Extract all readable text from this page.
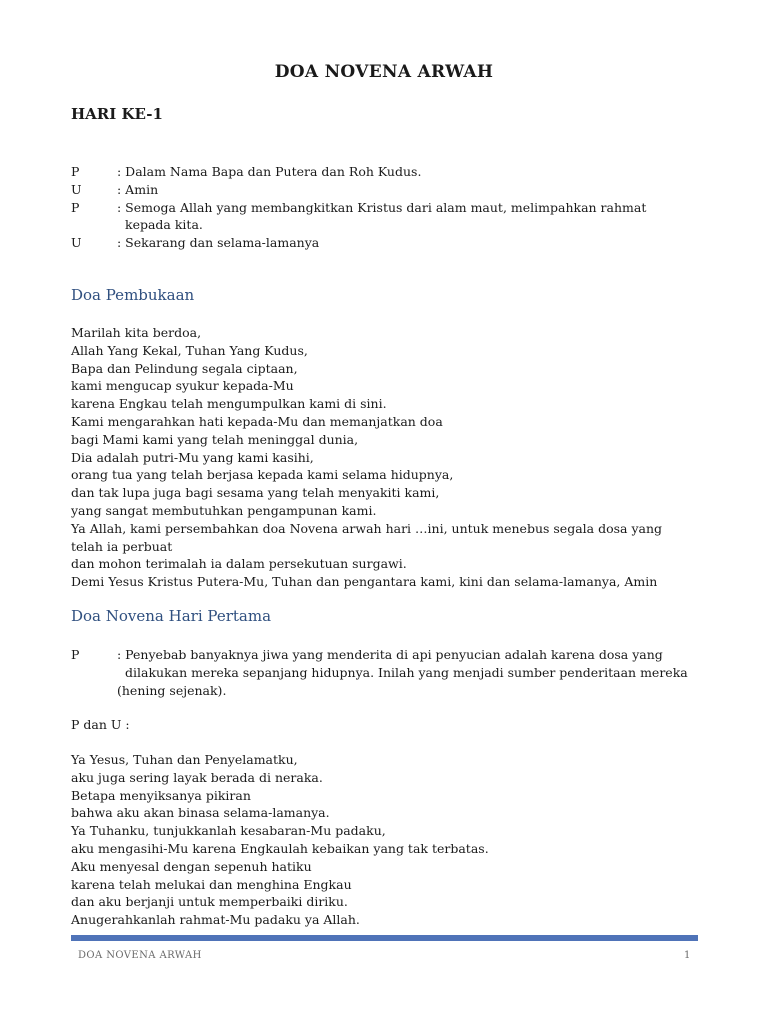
DOA NOVENA ARWAH
HARI KE-1
P	: Dalam Nama Bapa dan Putera dan Roh Kudus.
U	: Amin
P	: Semoga Allah yang membangkitkan Kristus dari alam maut, melimpahkan rahmat
kepada kita.
U	: Sekarang dan selama-lamanya
Doa Pembukaan
Marilah kita berdoa,
Allah Yang Kekal, Tuhan Yang Kudus,
Bapa dan Pelindung segala ciptaan,
kami mengucap syukur kepada-Mu
karena Engkau telah mengumpulkan kami di sini.
Kami mengarahkan hati kepada-Mu dan memanjatkan doa
bagi Mami kami yang telah meninggal dunia,
Dia adalah putri-Mu yang kami kasihi,
orang tua yang telah berjasa kepada kami selama hidupnya,
dan tak lupa juga bagi sesama yang telah menyakiti kami,
yang sangat membutuhkan pengampunan kami.
Ya Allah, kami persembahkan doa Novena arwah hari …ini, untuk menebus segala dosa yang
telah ia perbuat
dan mohon terimalah ia dalam persekutuan surgawi.
Demi Yesus Kristus Putera-Mu, Tuhan dan pengantara kami, kini dan selama-lamanya, Amin
Doa Novena Hari Pertama
P	: Penyebab banyaknya jiwa yang menderita di api penyucian adalah karena dosa yang
dilakukan mereka sepanjang hidupnya. Inilah yang menjadi sumber penderitaan mereka
(hening sejenak).
P dan U :
Ya Yesus, Tuhan dan Penyelamatku,
aku juga sering layak berada di neraka.
Betapa menyiksanya pikiran
bahwa aku akan binasa selama-lamanya.
Ya Tuhanku, tunjukkanlah kesabaran-Mu padaku,
aku mengasihi-Mu karena Engkaulah kebaikan yang tak terbatas.
Aku menyesal dengan sepenuh hatiku
karena telah melukai dan menghina Engkau
dan aku berjanji untuk memperbaiki diriku.
Anugerahkanlah rahmat-Mu padaku ya Allah.
DOA NOVENA ARWAH	1
